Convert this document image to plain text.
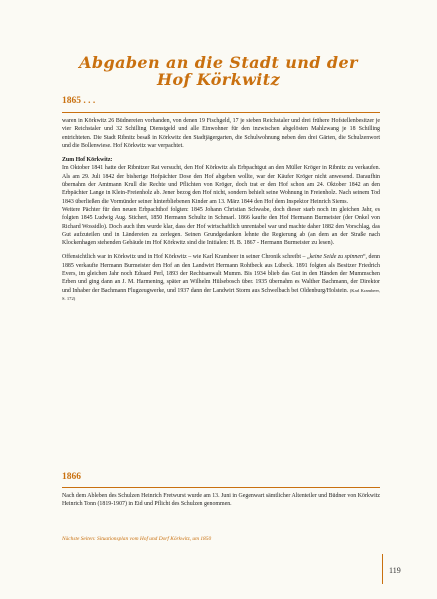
Abgaben an die Stadt und der
Hof Körkwitz
1865 . . .

waren in Körkwitz 26 Büdnereien vorhanden, von denen 19 Fischgeld, 17 je sieben Reichstaler und drei frühere Hofstellenbesitzer je vier Reichstaler und 32 Schilling Dienstgeld und alle Einwohner für den inzwischen abgelösten Mahlzwang je 18 Schilling entrichteten. Die Stadt Ribnitz besaß in Körkwitz den Stadtjägergarten, die Schulwohnung neben den drei Gärten, die Schulzenwort und die Bollenwiese. Hof Körkwitz war verpachtet.

Zum Hof Körkwitz:

Im Oktober 1841 hatte der Ribnitzer Rat versucht, den Hof Körkwitz als Erbpachtgut an den Müller Kröger in Ribnitz zu verkaufen. Als am 29. Juli 1842 der bisherige Hofpächter Dose den Hof abgeben wollte, war der Käufer Kröger nicht anwesend. Daraufhin übernahm der Amtmann Krull die Rechte und Pflichten von Kröger, doch trat er den Hof schon am 24. Oktober 1842 an den Erbpächter Lange in Klein-Freienholz ab. Jener bezog den Hof nicht, sondern behielt seine Wohnung in Freienholz. Nach seinem Tod 1843 überließen die Vormünder seiner hinterbliebenen Kinder am 13. März 1844 den Hof dem Inspektor Heinrich Siems.

Weitere Pächter für den neuen Erbpachthof folgten: 1845 Johann Christian Schwabe, doch dieser starb noch im gleichen Jahr, es folgten 1845 Ludwig Aug. Stichert, 1850 Hermann Schultz in Schmarl. 1866 kaufte den Hof Hermann Burmeister (der Onkel von Richard Wossidlo). Doch auch ihm wurde klar, dass der Hof wirtschaftlich unrentabel war und machte daher 1882 den Vorschlag, das Gut aufzuteilen und in Ländereien zu zerlegen. Seinen Grundgedanken lehnte die Regierung ab (an dem an der Straße nach Klockenhagen stehenden Gebäude im Hof Körkwitz sind die Initialen: H. B. 1867 - Hermann Burmeister zu lesen).

Offensichtlich war in Körkwitz und in Hof Körkwitz – wie Karl Krambeer in seiner Chronik schreibt – „keine Seide zu spinnen“, denn 1885 verkaufte Hermann Burmeister den Hof an den Landwirt Hermann Rohtbeck aus Lübeck. 1891 folgten als Besitzer Friedrich Evers, im gleichen Jahr noch Eduard Perl, 1893 der Rechtsanwalt Mumm. Bis 1934 blieb das Gut in den Händen der Mummschen Erben und ging dann an J. M. Harmening, später an Wilhelm Hülsebosch über. 1935 übernahm es Walther Bachmann, der Direktor und Inhaber der Bachmann Flugzeugwerke, und 1937 dann der Landwirt Storm aus Schwelbach bei Oldenburg/Holstein. (Karl Krambeer, S. 172)

1866

Nach dem Ableben des Schulzen Heinrich Fretwurst wurde am 13. Juni in Gegenwart sämtlicher Altenteiler und Büdner von Körkwitz Heinrich Tonn (1819-1907) in Eid und Pflicht des Schulzen genommen.

Nächste Seiten: Situationsplan vom Hof und Dorf Körkwitz, um 1850
119
